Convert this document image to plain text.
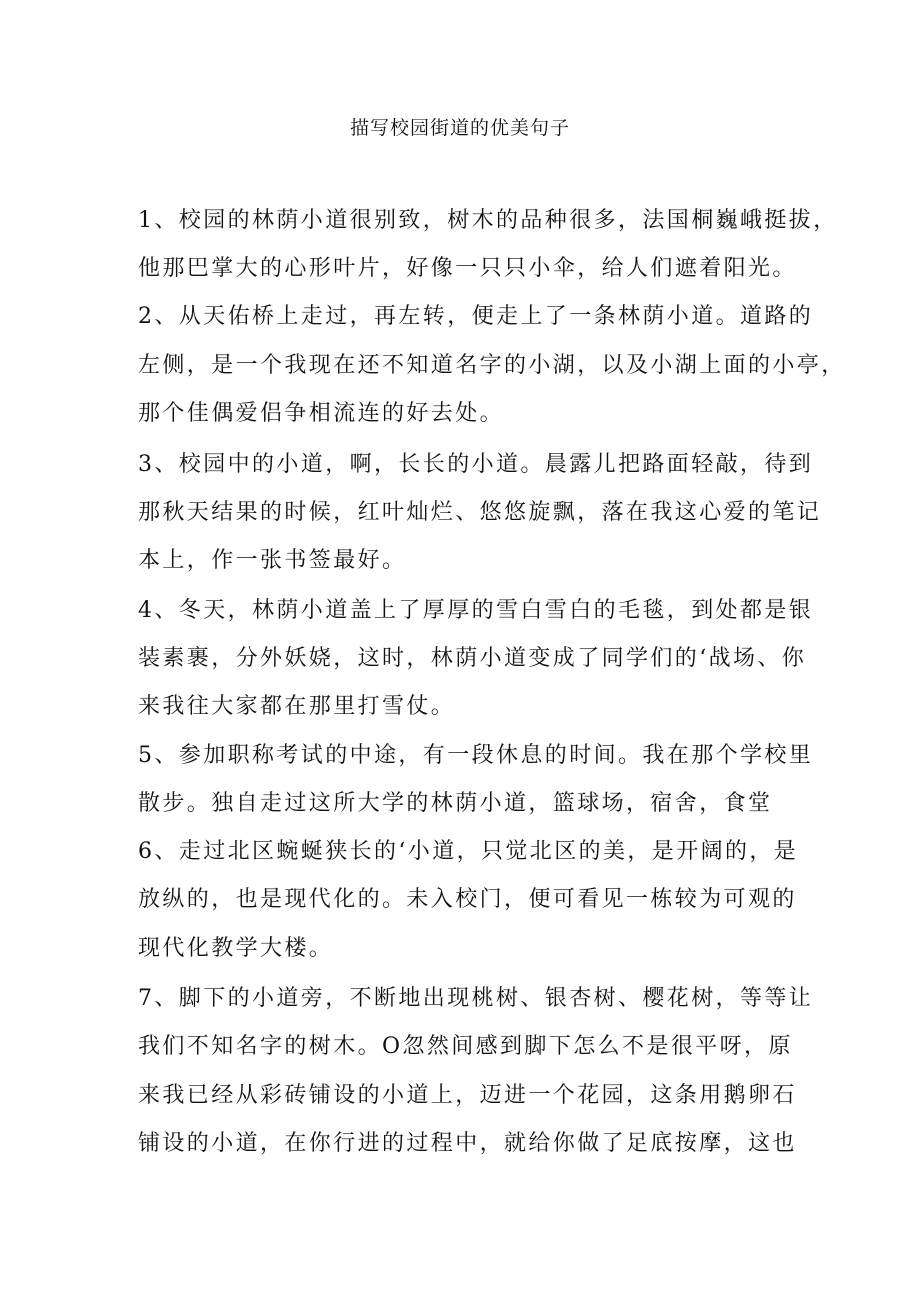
描写校园街道的优美句子
1、校园的林荫小道很别致，树木的品种很多，法国桐巍峨挺拔，
他那巴掌大的心形叶片，好像一只只小伞，给人们遮着阳光。
2、从天佑桥上走过，再左转，便走上了一条林荫小道。道路的
左侧，是一个我现在还不知道名字的小湖，以及小湖上面的小亭，
那个佳偶爱侣争相流连的好去处。
3、校园中的小道，啊，长长的小道。晨露儿把路面轻敲，待到
那秋天结果的时候，红叶灿烂、悠悠旋飘，落在我这心爱的笔记
本上，作一张书签最好。
4、冬天，林荫小道盖上了厚厚的雪白雪白的毛毯，到处都是银
装素裹，分外妖娆，这时，林荫小道变成了同学们的‘战场、你
来我往大家都在那里打雪仗。
5、参加职称考试的中途，有一段休息的时间。我在那个学校里
散步。独自走过这所大学的林荫小道，篮球场，宿舍，食堂
6、走过北区蜿蜒狭长的‘小道，只觉北区的美，是开阔的，是
放纵的，也是现代化的。未入校门，便可看见一栋较为可观的
现代化教学大楼。
7、脚下的小道旁，不断地出现桃树、银杏树、樱花树，等等让
我们不知名字的树木。O忽然间感到脚下怎么不是很平呀，原
来我已经从彩砖铺设的小道上，迈进一个花园，这条用鹅卵石
铺设的小道，在你行进的过程中，就给你做了足底按摩，这也
